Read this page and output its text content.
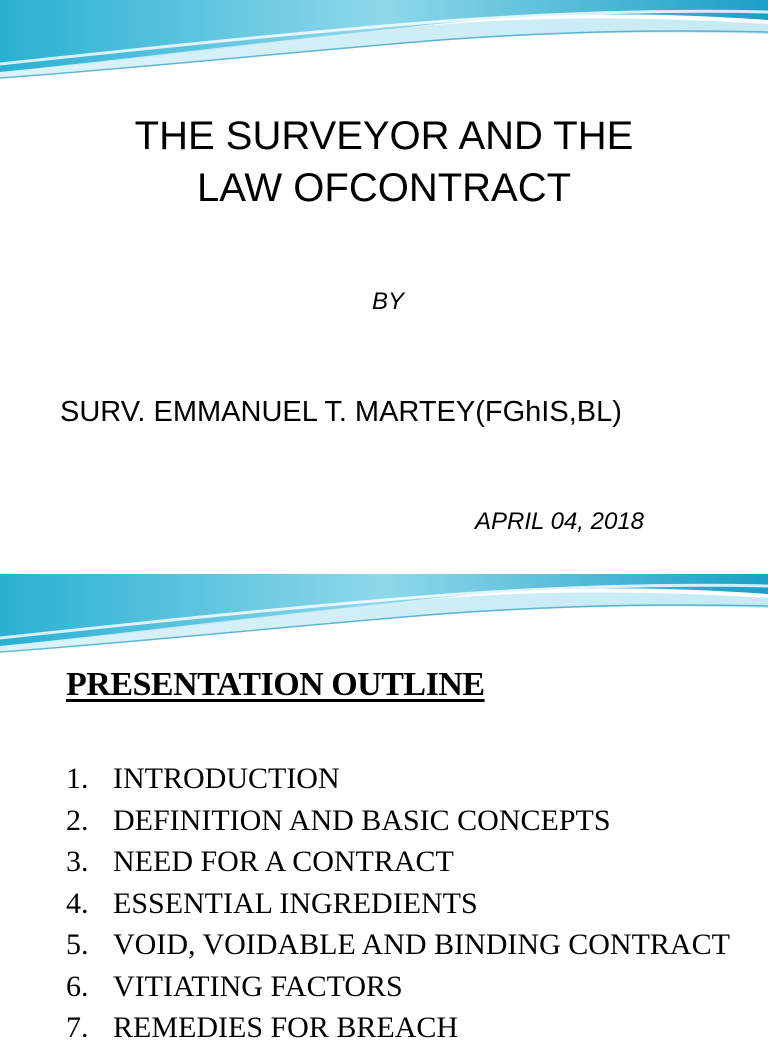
THE SURVEYOR AND THE
LAW OFCONTRACT
BY
SURV. EMMANUEL T. MARTEY(FGhIS,BL)
APRIL 04, 2018
PRESENTATION OUTLINE
1. INTRODUCTION
2. DEFINITION AND BASIC CONCEPTS
3. NEED FOR A CONTRACT
4. ESSENTIAL INGREDIENTS
5. VOID, VOIDABLE AND BINDING CONTRACT
6. VITIATING FACTORS
7. REMEDIES FOR BREACH
